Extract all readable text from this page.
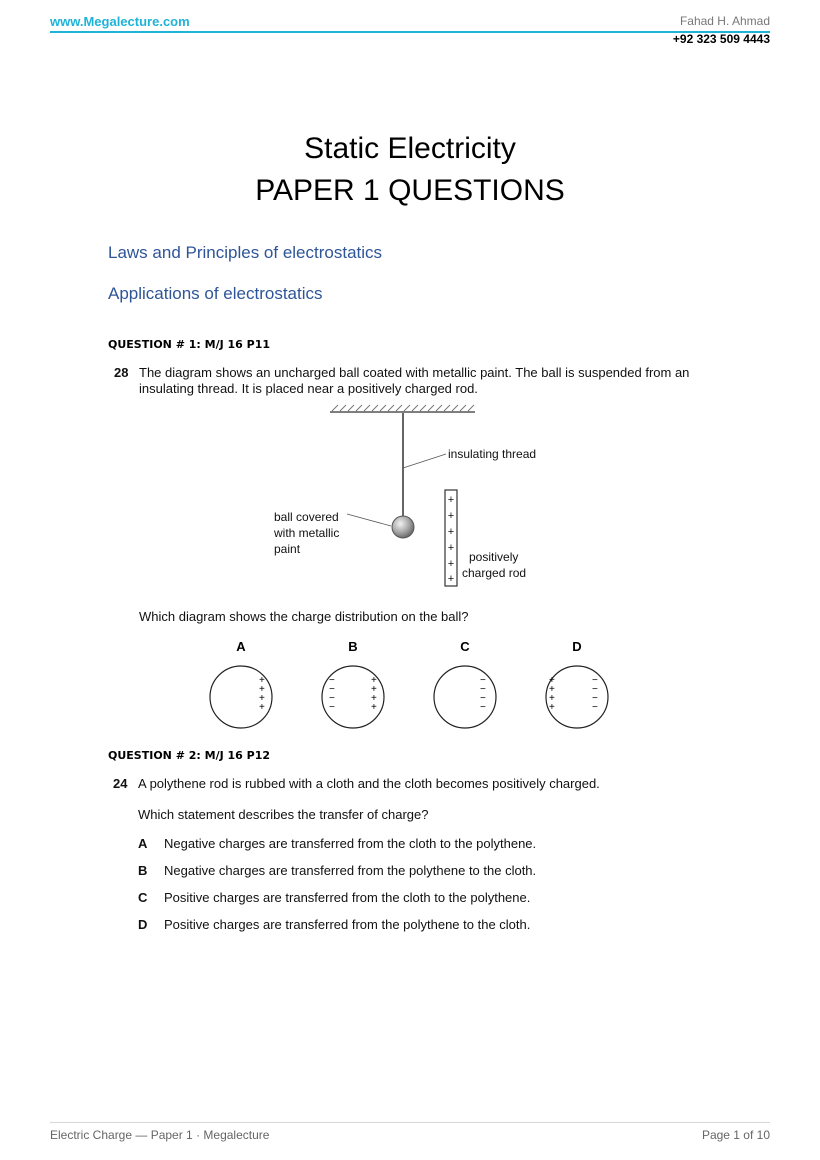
www.Megalecture.com	Fahad H. Ahmad
+92 323 509 4443
Static Electricity
PAPER 1 QUESTIONS
Laws and Principles of electrostatics
Applications of electrostatics
QUESTION # 1: M/J 16 P11
28 The diagram shows an uncharged ball coated with metallic paint. The ball is suspended from an
insulating thread. It is placed near a positively charged rod.
+
+
+
+
+
+
insulating thread
ball covered
with metallic
paint
positively
charged rod
Which diagram shows the charge distribution on the ball?
A
+ + + +
B
− − − −
+ + + +
C
− − − −
D
+ + + +
− − − −
QUESTION # 2: M/J 16 P12
24 A polythene rod is rubbed with a cloth and the cloth becomes positively charged.
Which statement describes the transfer of charge?
A Negative charges are transferred from the cloth to the polythene.
B Negative charges are transferred from the polythene to the cloth.
C Positive charges are transferred from the cloth to the polythene.
D Positive charges are transferred from the polythene to the cloth.
Electric Charge — Paper 1 · Megalecture	Page 1 of 10
